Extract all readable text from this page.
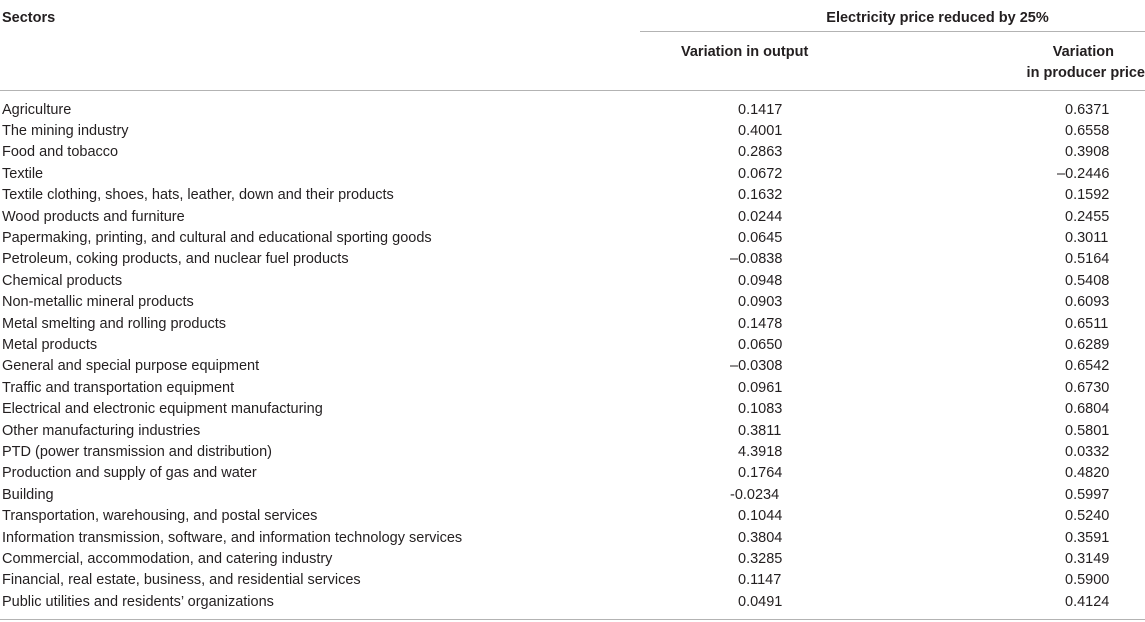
Sectors	Electricity price reduced by 25%	
	Variation in output	Variation
in producer price

Agriculture	0.1417	0.6371
The mining industry	0.4001	0.6558
Food and tobacco	0.2863	0.3908
Textile	0.0672	–0.2446
Textile clothing, shoes, hats, leather, down and their products	0.1632	0.1592
Wood products and furniture	0.0244	0.2455
Papermaking, printing, and cultural and educational sporting goods	0.0645	0.3011
Petroleum, coking products, and nuclear fuel products	–0.0838	0.5164
Chemical products	0.0948	0.5408
Non-metallic mineral products	0.0903	0.6093
Metal smelting and rolling products	0.1478	0.6511
Metal products	0.0650	0.6289
General and special purpose equipment	–0.0308	0.6542
Traffic and transportation equipment	0.0961	0.6730
Electrical and electronic equipment manufacturing	0.1083	0.6804
Other manufacturing industries	0.3811	0.5801
PTD (power transmission and distribution)	4.3918	0.0332
Production and supply of gas and water	0.1764	0.4820
Building	-0.0234	0.5997
Transportation, warehousing, and postal services	0.1044	0.5240
Information transmission, software, and information technology services	0.3804	0.3591
Commercial, accommodation, and catering industry	0.3285	0.3149
Financial, real estate, business, and residential services	0.1147	0.5900
Public utilities and residents’ organizations	0.0491	0.4124
